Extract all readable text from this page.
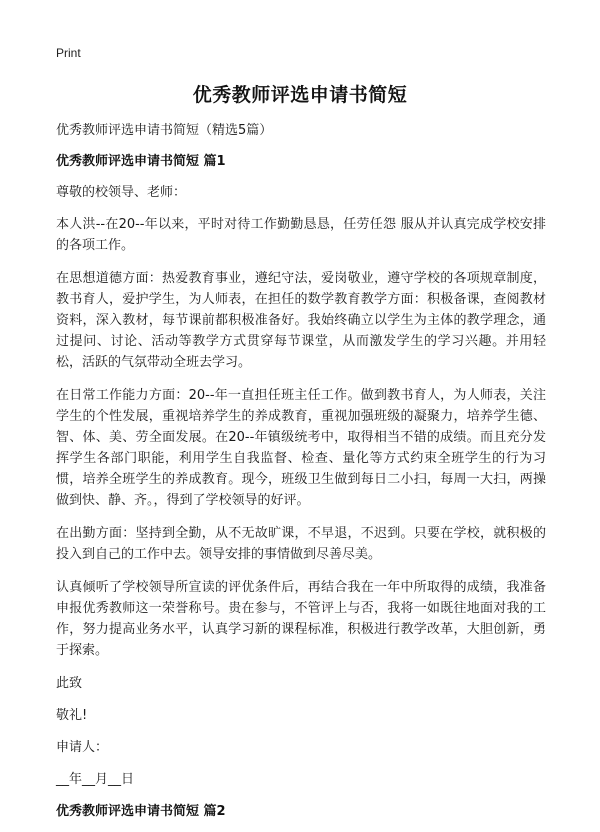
Print
优秀教师评选申请书简短

优秀教师评选申请书简短（精选5篇）

优秀教师评选申请书简短 篇1

尊敬的校领导、老师：

本人洪--在20--年以来，平时对待工作勤勤恳恳，任劳任怨 服从并认真完成学校安排的各项工作。

在思想道德方面：热爱教育事业，遵纪守法，爱岗敬业，遵守学校的各项规章制度，教书育人，爱护学生，为人师表，在担任的数学教育教学方面：积极备课，查阅教材资料，深入教材，每节课前都积极准备好。我始终确立以学生为主体的教学理念，通过提问、讨论、活动等教学方式贯穿每节课堂，从而激发学生的学习兴趣。并用轻松，活跃的气氛带动全班去学习。

在日常工作能力方面：20--年一直担任班主任工作。做到教书育人，为人师表，关注学生的个性发展，重视培养学生的养成教育，重视加强班级的凝聚力，培养学生德、智、体、美、劳全面发展。在20--年镇级统考中，取得相当不错的成绩。而且充分发挥学生各部门职能，利用学生自我监督、检查、量化等方式约束全班学生的行为习惯，培养全班学生的养成教育。现今，班级卫生做到每日二小扫，每周一大扫，两操做到快、静、齐。，得到了学校领导的好评。

在出勤方面：坚持到全勤，从不无故旷课，不早退，不迟到。只要在学校，就积极的投入到自己的工作中去。领导安排的事情做到尽善尽美。

认真倾听了学校领导所宣读的评优条件后，再结合我在一年中所取得的成绩，我准备申报优秀教师这一荣誉称号。贵在参与，不管评上与否，我将一如既往地面对我的工作，努力提高业务水平，认真学习新的课程标准，积极进行教学改革，大胆创新，勇于探索。

此致

敬礼!

申请人：

__年__月__日

优秀教师评选申请书简短 篇2
